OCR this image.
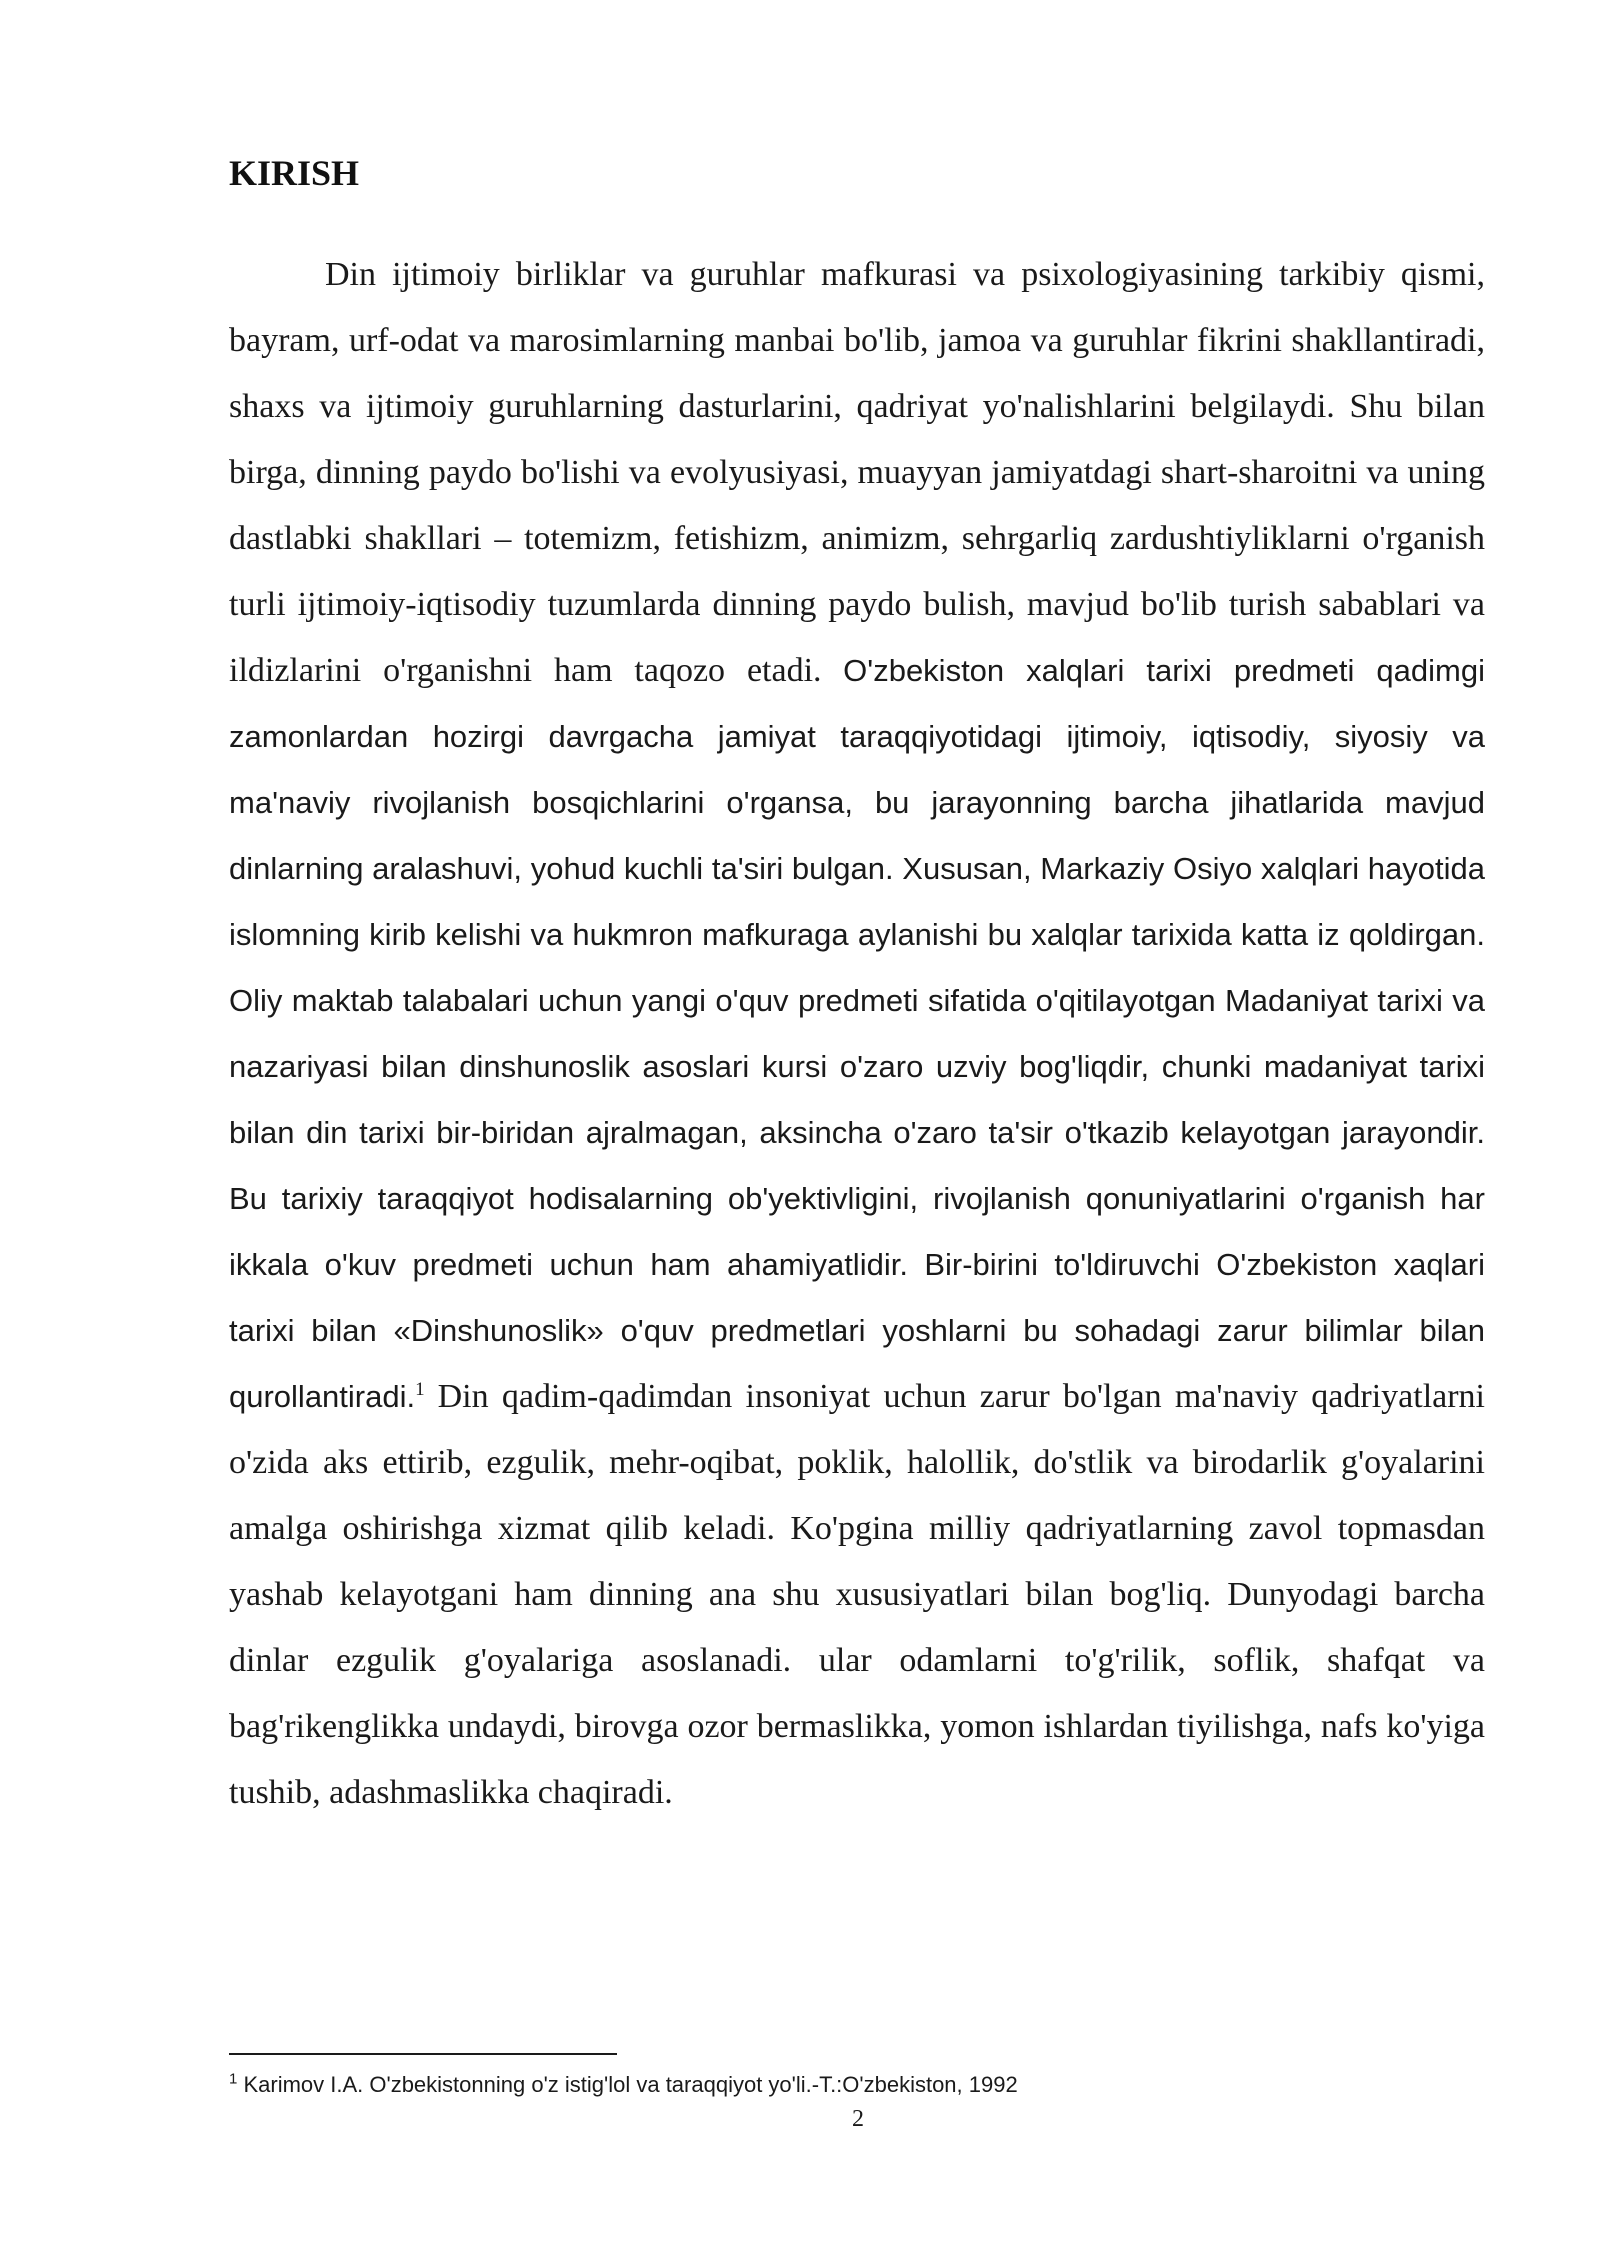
KIRISH

Din ijtimoiy birliklar va guruhlar mafkurasi va psixologiyasining tarkibiy qismi, bayram, urf-odat va marosimlarning manbai bo'lib, jamoa va guruhlar fikrini shakllantiradi, shaxs va ijtimoiy guruhlarning dasturlarini, qadriyat yo'nalishlarini belgilaydi. Shu bilan birga, dinning paydo bo'lishi va evolyusiyasi, muayyan jamiyatdagi shart-sharoitni va uning dastlabki shakllari – totemizm, fetishizm, animizm, sehrgarliq zardushtiyliklarni o'rganish turli ijtimoiy-iqtisodiy tuzumlarda dinning paydo bulish, mavjud bo'lib turish sabablari va ildizlarini o'rganishni ham taqozo etadi. O'zbekiston xalqlari tarixi predmeti qadimgi zamonlardan hozirgi davrgacha jamiyat taraqqiyotidagi ijtimoiy, iqtisodiy, siyosiy va ma'naviy rivojlanish bosqichlarini o'rgansa, bu jarayonning barcha jihatlarida mavjud dinlarning aralashuvi, yohud kuchli ta'siri bulgan. Xususan, Markaziy Osiyo xalqlari hayotida islomning kirib kelishi va hukmron mafkuraga aylanishi bu xalqlar tarixida katta iz qoldirgan. Oliy maktab talabalari uchun yangi o'quv predmeti sifatida o'qitilayotgan Madaniyat tarixi va nazariyasi bilan dinshunoslik asoslari kursi o'zaro uzviy bog'liqdir, chunki madaniyat tarixi bilan din tarixi bir-biridan ajralmagan, aksincha o'zaro ta'sir o'tkazib kelayotgan jarayondir. Bu tarixiy taraqqiyot hodisalarning ob'yektivligini, rivojlanish qonuniyatlarini o'rganish har ikkala o'kuv predmeti uchun ham ahamiyatlidir. Bir-birini to'ldiruvchi O'zbekiston xaqlari tarixi bilan «Dinshunoslik» o'quv predmetlari yoshlarni bu sohadagi zarur bilimlar bilan qurollantiradi.$^1$ Din qadim-qadimdan insoniyat uchun zarur bo'lgan ma'naviy qadriyatlarni o'zida aks ettirib, ezgulik, mehr-oqibat, poklik, halollik, do'stlik va birodarlik g'oyalarini amalga oshirishga xizmat qilib keladi. Ko'pgina milliy qadriyatlarning zavol topmasdan yashab kelayotgani ham dinning ana shu xususiyatlari bilan bog'liq. Dunyodagi barcha dinlar ezgulik g'oyalariga asoslanadi. ular odamlarni to'g'rilik, soflik, shafqat va bag'rikenglikka undaydi, birovga ozor bermaslikka, yomon ishlardan tiyilishga, nafs ko'yiga tushib, adashmaslikka chaqiradi.

$^1$ Karimov I.A. O'zbekistonning o'z istig'lol va taraqqiyot yo'li.-T.:O'zbekiston, 1992

2
